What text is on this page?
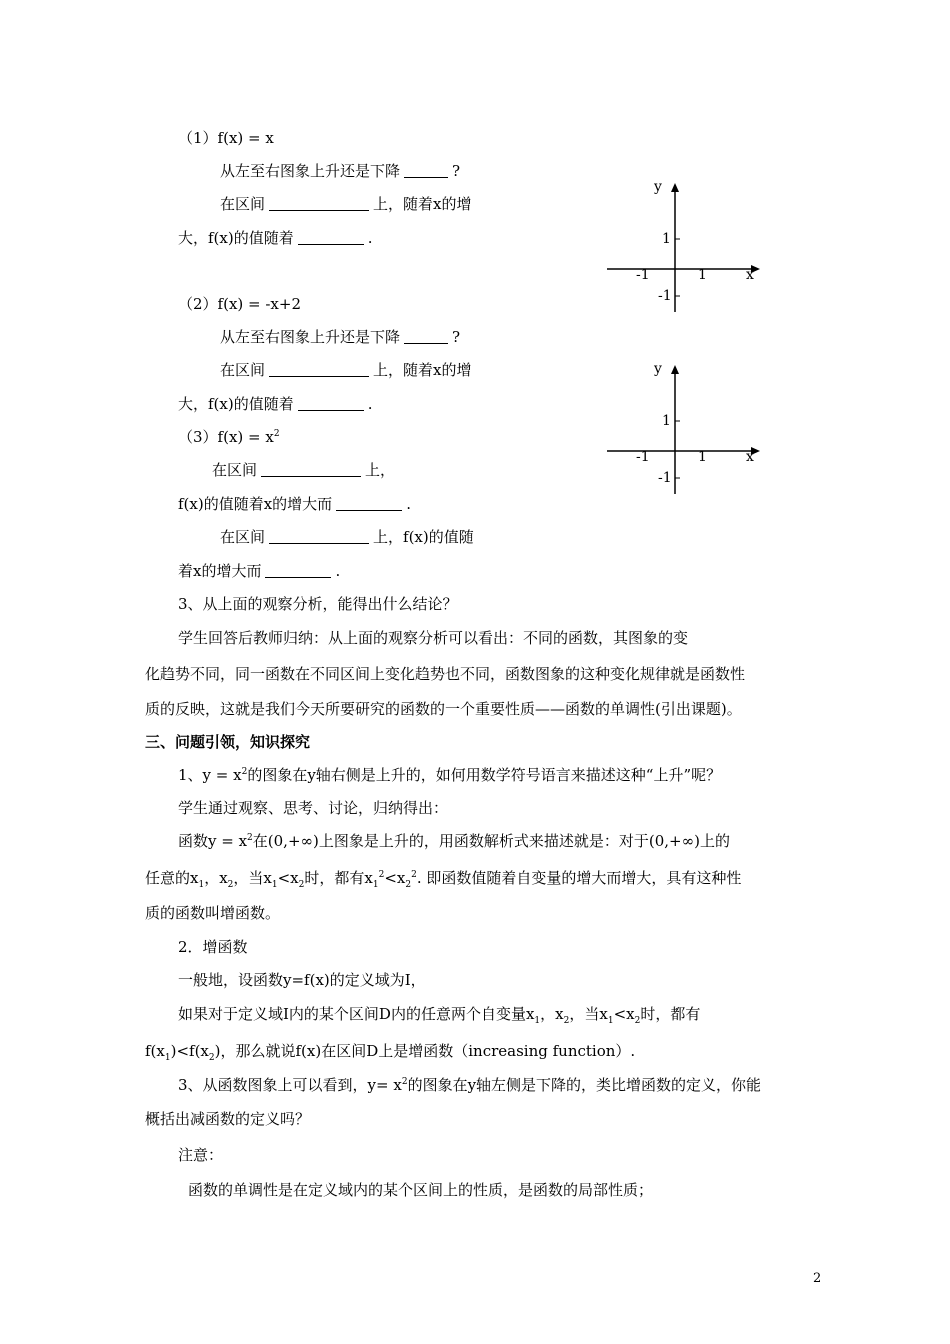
（1）f(x) = x
从左至右图象上升还是下降	?
在区间	上，随着x的增
大，f(x)的值随着	.
（2）f(x) = -x+2
从左至右图象上升还是下降	?
在区间	上，随着x的增
大，f(x)的值随着	.
$(3)f(x) = x^2$
在区间	上，
f(x)的值随着x的增大而	.
在区间	上，f(x)的值随
着x的增大而	.
3、从上面的观察分析，能得出什么结论？
学生回答后教师归纳：从上面的观察分析可以看出：不同的函数，其图象的变
化趋势不同，同一函数在不同区间上变化趋势也不同，函数图象的这种变化规律就是函数性
质的反映，这就是我们今天所要研究的函数的一个重要性质——函数的单调性(引出课题)。
三、问题引领，知识探究
1、$y = x^2$的图象在y轴右侧是上升的，如何用数学符号语言来描述这种“上升”呢？
学生通过观察、思考、讨论，归纳得出：
函数$y = x^2$在(0,+∞)上图象是上升的，用函数解析式来描述就是：对于(0,+∞)上的
任意的$x_1$，$x_2$，当$x_1<x_2$时，都有$x_1^2<x_2^2$. 即函数值随着自变量的增大而增大，具有这种性
质的函数叫增函数。
2．增函数
一般地，设函数y=f(x)的定义域为I，
如果对于定义域I内的某个区间D内的任意两个自变量$x_1$，$x_2$，当$x_1<x_2$时，都有
$f(x_1)<f(x_2)$，那么就说f(x)在区间D上是增函数（increasing function）.
3、从函数图象上可以看到，$y= x^2$的图象在y轴左侧是下降的，类比增函数的定义，你能
概括出减函数的定义吗？
注意：
函数的单调性是在定义域内的某个区间上的性质，是函数的局部性质；
y
1
-1	1	x
-1
y
1
-1	1	x
-1
2
